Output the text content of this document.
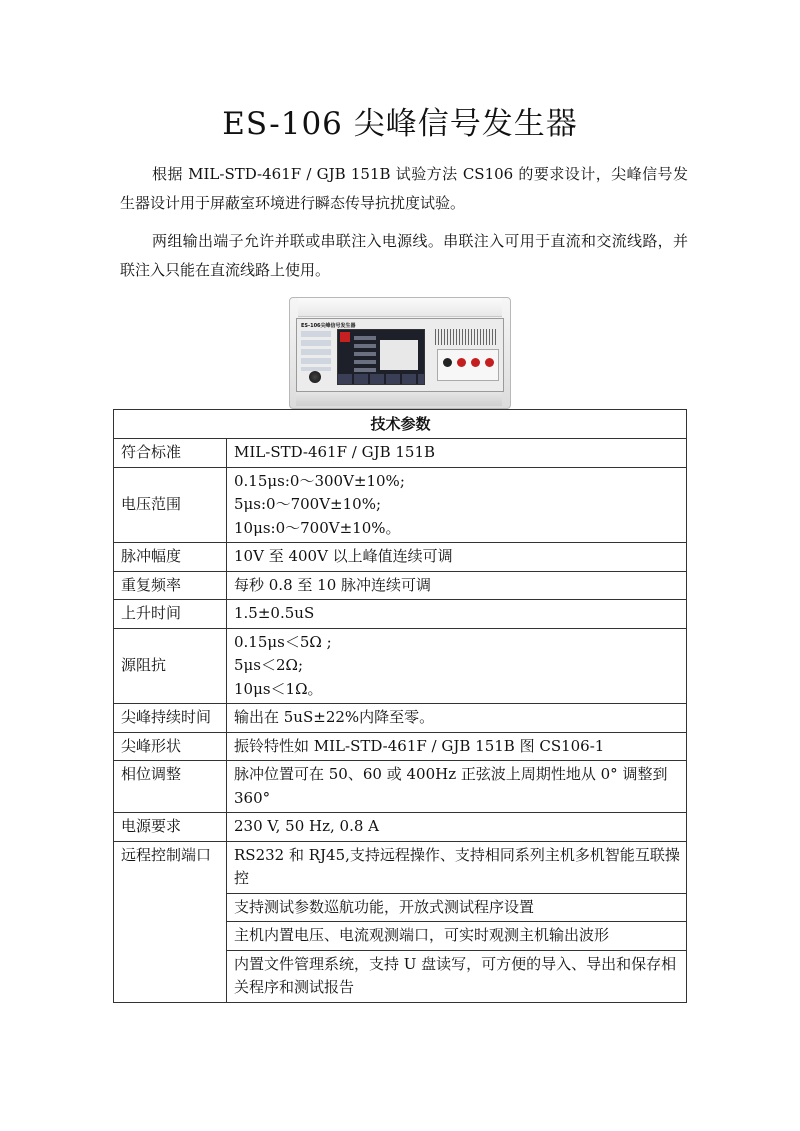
ES-106 尖峰信号发生器

根据 MIL-STD-461F / GJB 151B 试验方法 CS106 的要求设计，尖峰信号发生器设计用于屏蔽室环境进行瞬态传导抗扰度试验。

两组输出端子允许并联或串联注入电源线。串联注入可用于直流和交流线路，并联注入只能在直流线路上使用。

ES-106尖峰信号发生器
技术参数	
符合标准	MIL-STD-461F / GJB 151B
电压范围	0.15μs:0～300V±10%;
5μs:0～700V±10%;
10μs:0～700V±10%。

脉冲幅度	10V 至 400V 以上峰值连续可调
重复频率	每秒 0.8 至 10 脉冲连续可调
上升时间	1.5±0.5uS
源阻抗	0.15μs＜5Ω ;
5μs＜2Ω;
10μs＜1Ω。

尖峰持续时间	输出在 5uS±22%内降至零。
尖峰形状	振铃特性如 MIL-STD-461F / GJB 151B 图 CS106-1
相位调整	脉冲位置可在 50、60 或 400Hz 正弦波上周期性地从 0° 调整到 360°
电源要求	230 V, 50 Hz, 0.8 A
远程控制端口	RS232 和 RJ45,支持远程操作、支持相同系列主机多机智能互联操控
	支持测试参数巡航功能，开放式测试程序设置
	主机内置电压、电流观测端口，可实时观测主机输出波形
	内置文件管理系统，支持 U 盘读写，可方便的导入、导出和保存相关程序和测试报告
